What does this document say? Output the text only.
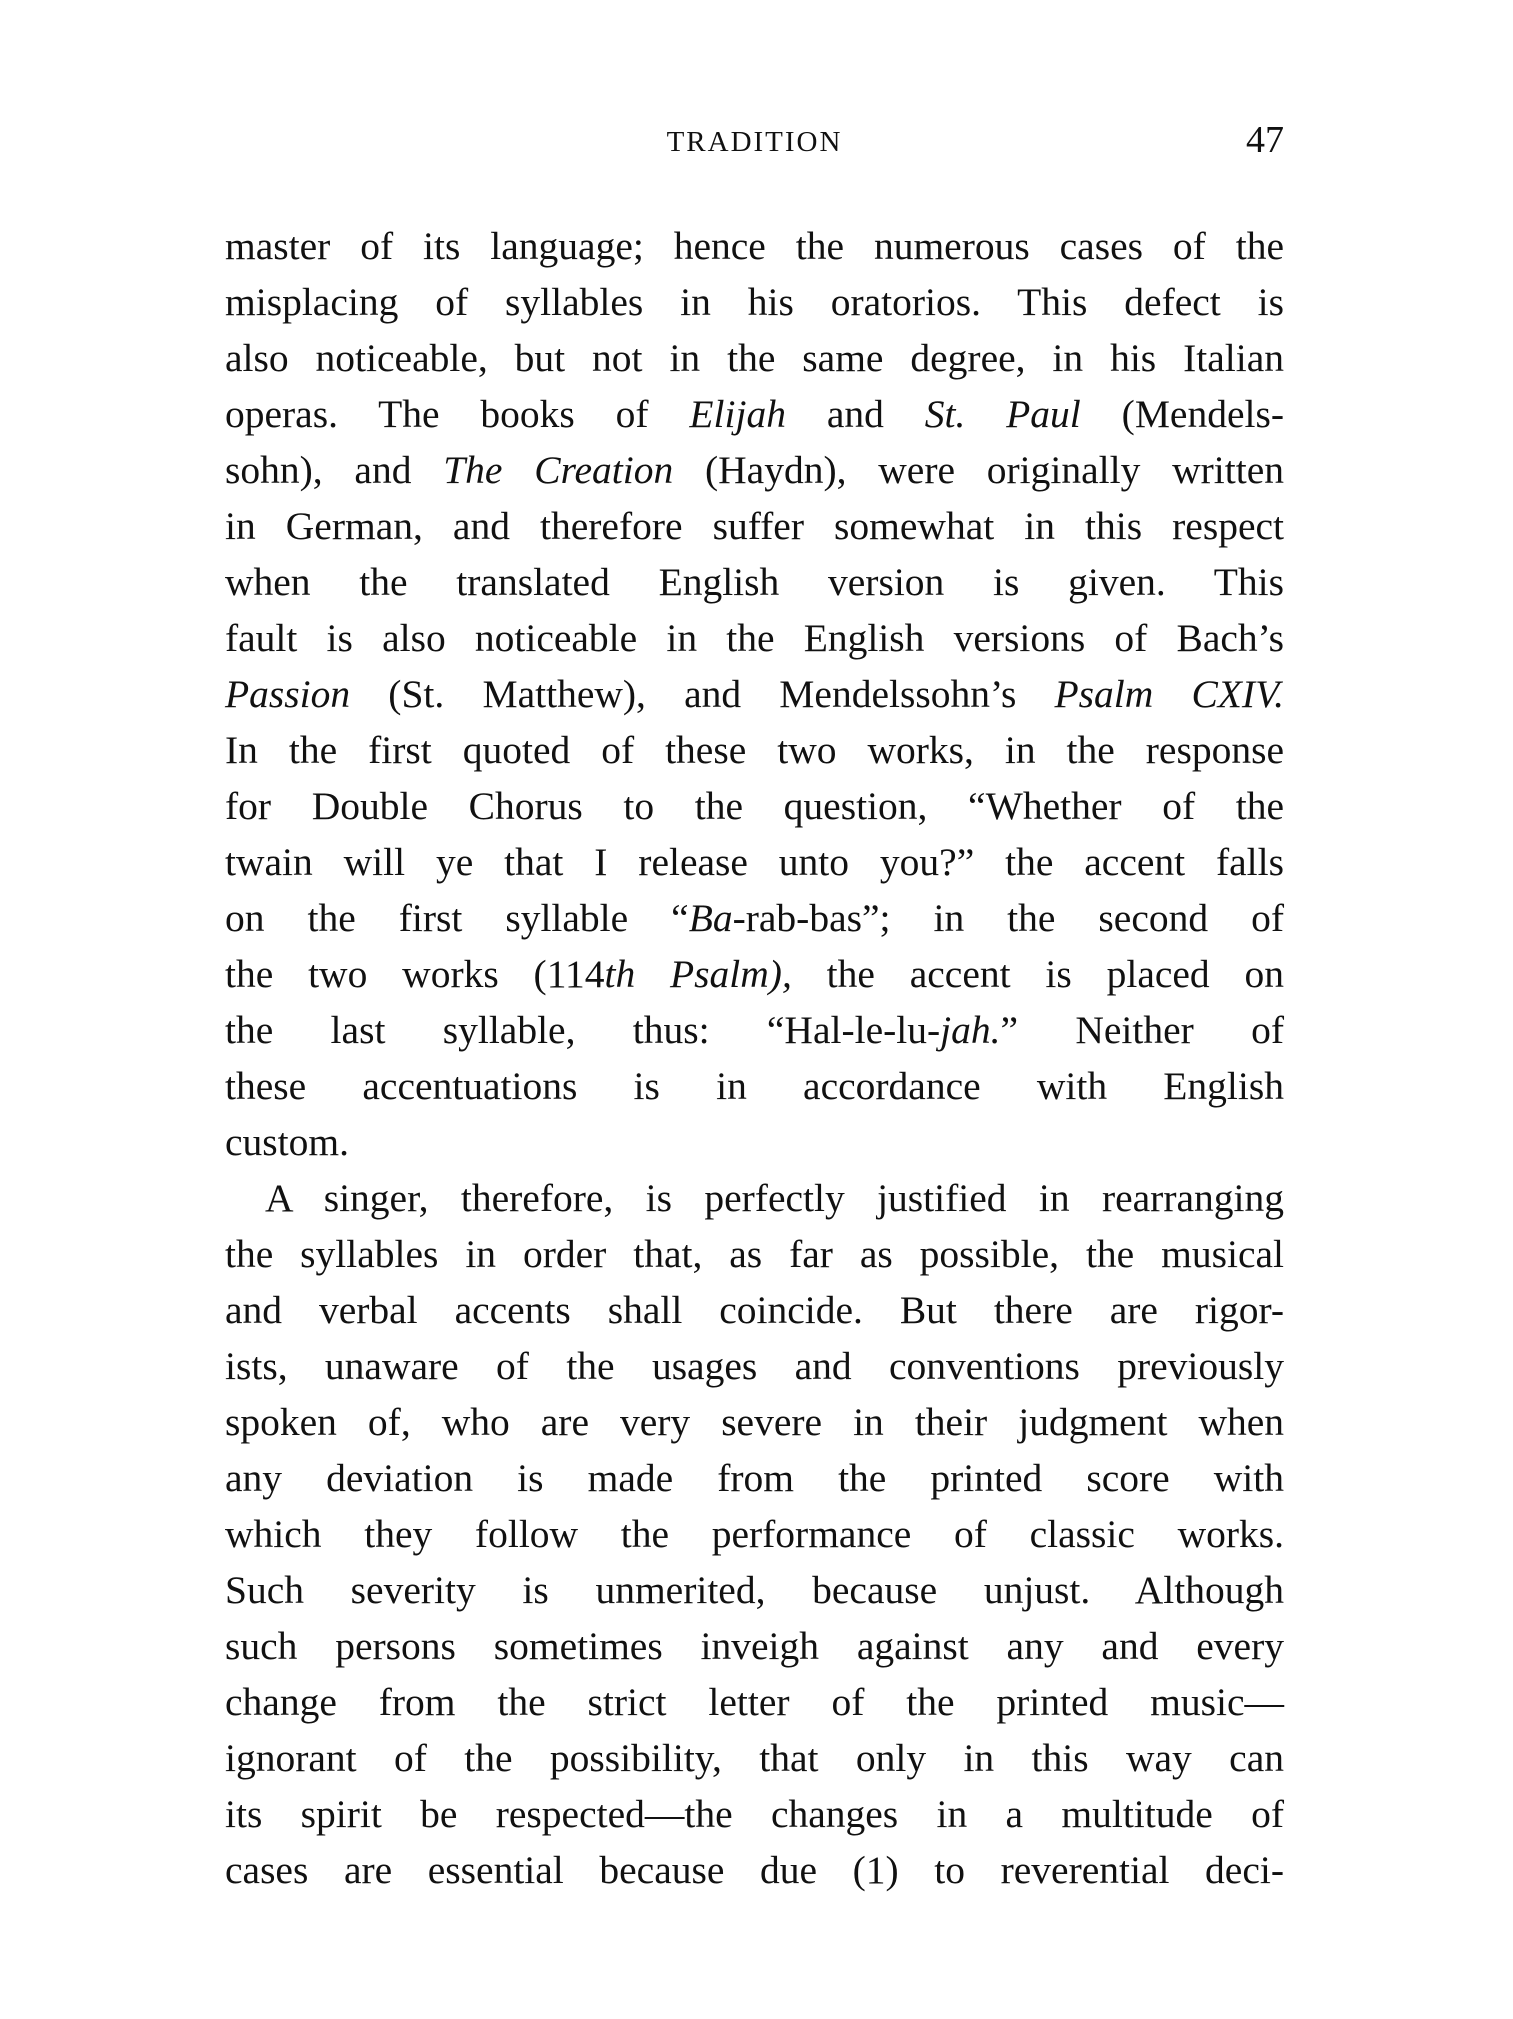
TRADITION	47
master of its language; hence the numerous cases of the
misplacing of syllables in his oratorios. This defect is
also noticeable, but not in the same degree, in his Italian
operas. The books of Elijah and St. Paul (Mendels-
sohn), and The Creation (Haydn), were originally written
in German, and therefore suffer somewhat in this respect
when the translated English version is given. This
fault is also noticeable in the English versions of Bach’s
Passion (St. Matthew), and Mendelssohn’s Psalm CXIV.
In the first quoted of these two works, in the response
for Double Chorus to the question, “Whether of the
twain will ye that I release unto you?” the accent falls
on the first syllable “Ba-rab-bas”; in the second of
the two works (114th Psalm), the accent is placed on
the last syllable, thus: “Hal-le-lu-jah.” Neither of
these accentuations is in accordance with English
custom.
A singer, therefore, is perfectly justified in rearranging
the syllables in order that, as far as possible, the musical
and verbal accents shall coincide. But there are rigor-
ists, unaware of the usages and conventions previously
spoken of, who are very severe in their judgment when
any deviation is made from the printed score with
which they follow the performance of classic works.
Such severity is unmerited, because unjust. Although
such persons sometimes inveigh against any and every
change from the strict letter of the printed music—
ignorant of the possibility, that only in this way can
its spirit be respected—the changes in a multitude of
cases are essential because due (1) to reverential deci-
